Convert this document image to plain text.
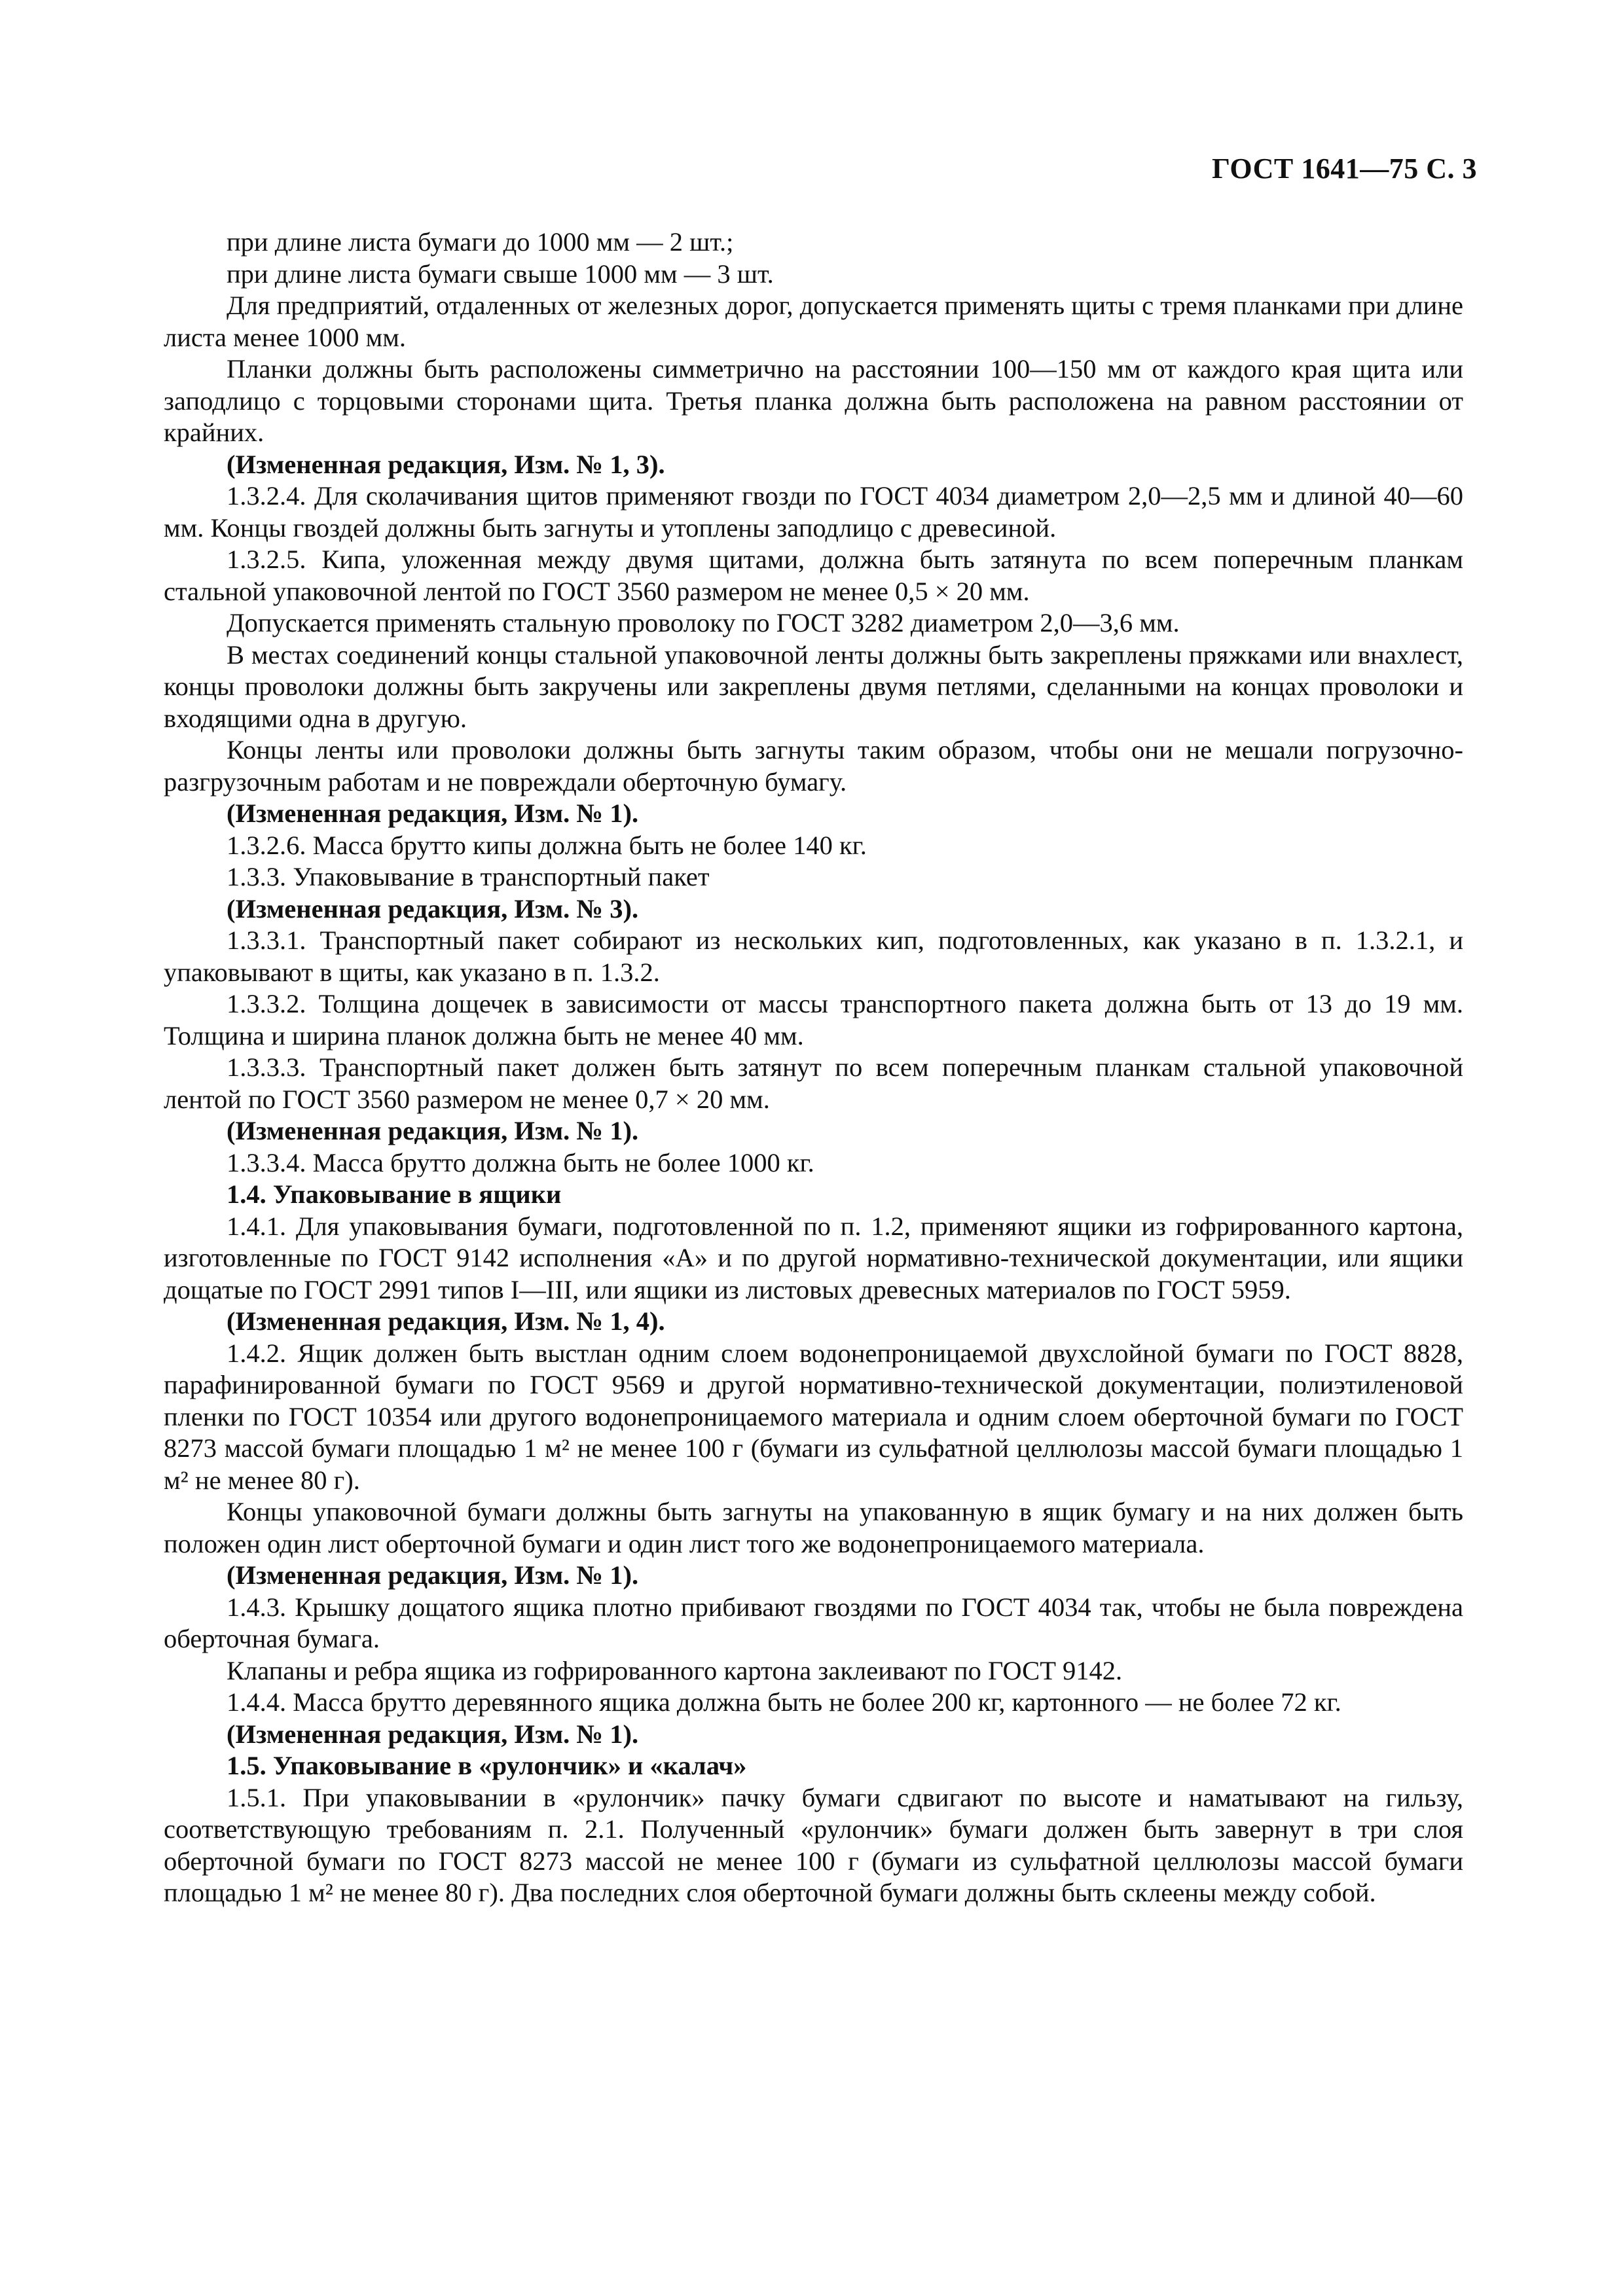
ГОСТ 1641—75 С. 3

при длине листа бумаги до 1000 мм — 2 шт.;

при длине листа бумаги свыше 1000 мм — 3 шт.

Для предприятий, отдаленных от железных дорог, допускается применять щиты с тремя планками при длине листа менее 1000 мм.

Планки должны быть расположены симметрично на расстоянии 100—150 мм от каждого края щита или заподлицо с торцовыми сторонами щита. Третья планка должна быть расположена на равном расстоянии от крайних.

(Измененная редакция, Изм. № 1, 3).

1.3.2.4. Для сколачивания щитов применяют гвозди по ГОСТ 4034 диаметром 2,0—2,5 мм и длиной 40—60 мм. Концы гвоздей должны быть загнуты и утоплены заподлицо с древесиной.

1.3.2.5. Кипа, уложенная между двумя щитами, должна быть затянута по всем поперечным планкам стальной упаковочной лентой по ГОСТ 3560 размером не менее 0,5 × 20 мм.

Допускается применять стальную проволоку по ГОСТ 3282 диаметром 2,0—3,6 мм.

В местах соединений концы стальной упаковочной ленты должны быть закреплены пряжками или внахлест, концы проволоки должны быть закручены или закреплены двумя петлями, сделанными на концах проволоки и входящими одна в другую.

Концы ленты или проволоки должны быть загнуты таким образом, чтобы они не мешали погрузочно-разгрузочным работам и не повреждали оберточную бумагу.

(Измененная редакция, Изм. № 1).

1.3.2.6. Масса брутто кипы должна быть не более 140 кг.

1.3.3. Упаковывание в транспортный пакет

(Измененная редакция, Изм. № 3).

1.3.3.1. Транспортный пакет собирают из нескольких кип, подготовленных, как указано в п. 1.3.2.1, и упаковывают в щиты, как указано в п. 1.3.2.

1.3.3.2. Толщина дощечек в зависимости от массы транспортного пакета должна быть от 13 до 19 мм. Толщина и ширина планок должна быть не менее 40 мм.

1.3.3.3. Транспортный пакет должен быть затянут по всем поперечным планкам стальной упаковочной лентой по ГОСТ 3560 размером не менее 0,7 × 20 мм.

(Измененная редакция, Изм. № 1).

1.3.3.4. Масса брутто должна быть не более 1000 кг.

1.4. Упаковывание в ящики

1.4.1. Для упаковывания бумаги, подготовленной по п. 1.2, применяют ящики из гофрированного картона, изготовленные по ГОСТ 9142 исполнения «А» и по другой нормативно-технической документации, или ящики дощатые по ГОСТ 2991 типов I—III, или ящики из листовых древесных материалов по ГОСТ 5959.

(Измененная редакция, Изм. № 1, 4).

1.4.2. Ящик должен быть выстлан одним слоем водонепроницаемой двухслойной бумаги по ГОСТ 8828, парафинированной бумаги по ГОСТ 9569 и другой нормативно-технической документации, полиэтиленовой пленки по ГОСТ 10354 или другого водонепроницаемого материала и одним слоем оберточной бумаги по ГОСТ 8273 массой бумаги площадью 1 м² не менее 100 г (бумаги из сульфатной целлюлозы массой бумаги площадью 1 м² не менее 80 г).

Концы упаковочной бумаги должны быть загнуты на упакованную в ящик бумагу и на них должен быть положен один лист оберточной бумаги и один лист того же водонепроницаемого материала.

(Измененная редакция, Изм. № 1).

1.4.3. Крышку дощатого ящика плотно прибивают гвоздями по ГОСТ 4034 так, чтобы не была повреждена оберточная бумага.

Клапаны и ребра ящика из гофрированного картона заклеивают по ГОСТ 9142.

1.4.4. Масса брутто деревянного ящика должна быть не более 200 кг, картонного — не более 72 кг.

(Измененная редакция, Изм. № 1).

1.5. Упаковывание в «рулончик» и «калач»

1.5.1. При упаковывании в «рулончик» пачку бумаги сдвигают по высоте и наматывают на гильзу, соответствующую требованиям п. 2.1. Полученный «рулончик» бумаги должен быть завернут в три слоя оберточной бумаги по ГОСТ 8273 массой не менее 100 г (бумаги из сульфатной целлюлозы массой бумаги площадью 1 м² не менее 80 г). Два последних слоя оберточной бумаги должны быть склеены между собой.
